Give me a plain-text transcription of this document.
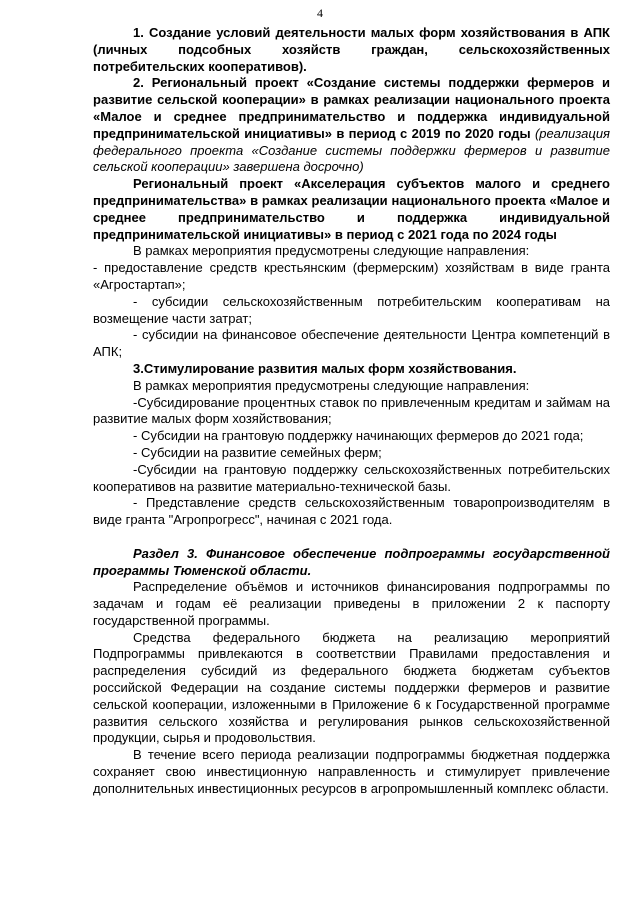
4

1. Создание условий деятельности малых форм хозяйствования в АПК (личных подсобных хозяйств граждан, сельскохозяйственных потребительских кооперативов).

2. Региональный проект «Создание системы поддержки фермеров и развитие сельской кооперации» в рамках реализации национального проекта «Малое и среднее предпринимательство и поддержка индивидуальной предпринимательской инициативы» в период с 2019 по 2020 годы (реализация федерального проекта «Создание системы поддержки фермеров и развитие сельской кооперации» завершена досрочно)

Региональный проект «Акселерация субъектов малого и среднего предпринимательства» в рамках реализации национального проекта «Малое и среднее предпринимательство и поддержка индивидуальной предпринимательской инициативы» в период с 2021 года по 2024 годы

В рамках мероприятия предусмотрены следующие направления:

- предоставление средств крестьянским (фермерским) хозяйствам в виде гранта «Агростартап»;

- субсидии сельскохозяйственным потребительским кооперативам на возмещение части затрат;

- субсидии на финансовое обеспечение деятельности Центра компетенций в АПК;

3.Стимулирование развития малых форм хозяйствования.

В рамках мероприятия предусмотрены следующие направления:

-Субсидирование процентных ставок по привлеченным кредитам и займам на развитие малых форм хозяйствования;

- Субсидии на грантовую поддержку начинающих фермеров до 2021 года;

- Субсидии на развитие семейных ферм;

-Субсидии на грантовую поддержку сельскохозяйственных потребительских кооперативов на развитие материально-технической базы.

- Представление средств сельскохозяйственным товаропроизводителям в виде гранта "Агропрогресс", начиная с 2021 года.

Раздел 3. Финансовое обеспечение подпрограммы государственной программы Тюменской области.

Распределение объёмов и источников финансирования подпрограммы по задачам и годам её реализации приведены в приложении 2 к паспорту государственной программы.

Средства федерального бюджета на реализацию мероприятий Подпрограммы привлекаются в соответствии Правилами предоставления и распределения субсидий из федерального бюджета бюджетам субъектов российской Федерации на создание системы поддержки фермеров и развитие сельской кооперации, изложенными в Приложение 6 к Государственной программе развития сельского хозяйства и регулирования рынков сельскохозяйственной продукции, сырья и продовольствия.

В течение всего периода реализации подпрограммы бюджетная поддержка сохраняет свою инвестиционную направленность и стимулирует привлечение дополнительных инвестиционных ресурсов в агропромышленный комплекс области.
